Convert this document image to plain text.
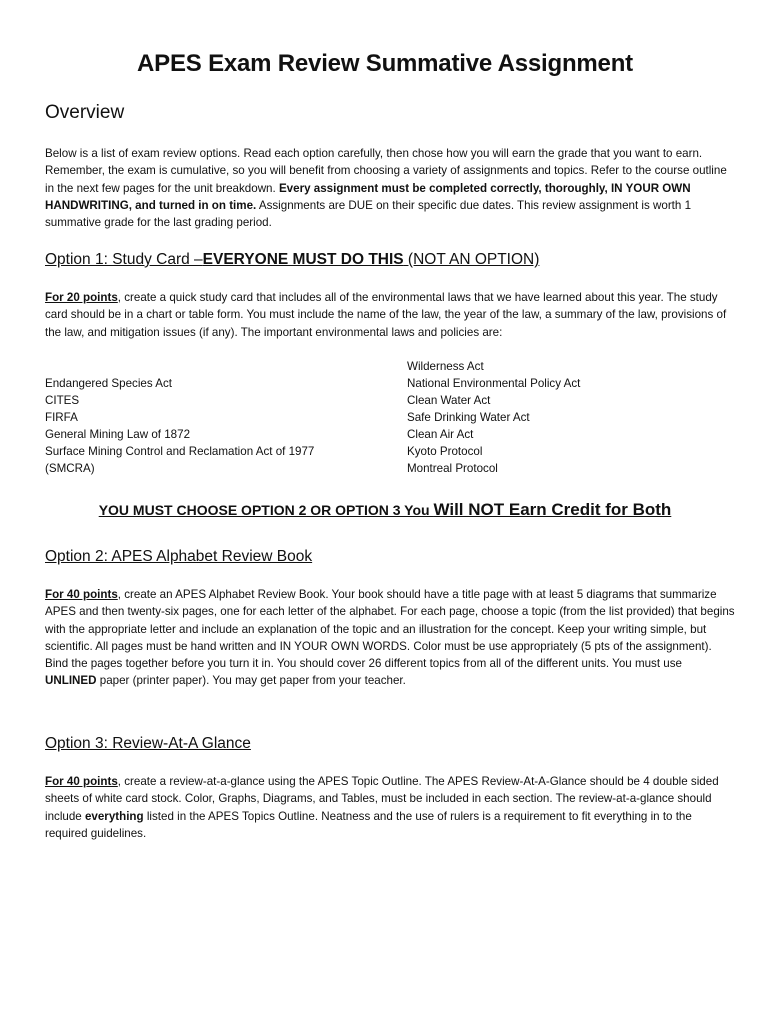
APES Exam Review Summative Assignment
Overview

Below is a list of exam review options. Read each option carefully, then chose how you will earn the grade that you want to earn. Remember, the exam is cumulative, so you will benefit from choosing a variety of assignments and topics. Refer to the course outline in the next few pages for the unit breakdown. Every assignment must be completed correctly, thoroughly, IN YOUR OWN HANDWRITING, and turned in on time. Assignments are DUE on their specific due dates. This review assignment is worth 1 summative grade for the last grading period.

Option 1: Study Card –EVERYONE MUST DO THIS (NOT AN OPTION)

For 20 points, create a quick study card that includes all of the environmental laws that we have learned about this year. The study card should be in a chart or table form. You must include the name of the law, the year of the law, a summary of the law, provisions of the law, and mitigation issues (if any). The important environmental laws and policies are:

Endangered Species Act
CITES
FIRFA
General Mining Law of 1872
Surface Mining Control and Reclamation Act of 1977
(SMCRA)
Wilderness Act
National Environmental Policy Act
Clean Water Act
Safe Drinking Water Act
Clean Air Act
Kyoto Protocol
Montreal Protocol
YOU MUST CHOOSE OPTION 2 OR OPTION 3 You Will NOT Earn Credit for Both
Option 2: APES Alphabet Review Book

For 40 points, create an APES Alphabet Review Book. Your book should have a title page with at least 5 diagrams that summarize APES and then twenty-six pages, one for each letter of the alphabet. For each page, choose a topic (from the list provided) that begins with the appropriate letter and include an explanation of the topic and an illustration for the concept. Keep your writing simple, but scientific. All pages must be hand written and IN YOUR OWN WORDS. Color must be use appropriately (5 pts of the assignment). Bind the pages together before you turn it in. You should cover 26 different topics from all of the different units. You must use UNLINED paper (printer paper). You may get paper from your teacher.

Option 3: Review-At-A Glance

For 40 points, create a review-at-a-glance using the APES Topic Outline. The APES Review-At-A-Glance should be 4 double sided sheets of white card stock. Color, Graphs, Diagrams, and Tables, must be included in each section. The review-at-a-glance should include everything listed in the APES Topics Outline. Neatness and the use of rulers is a requirement to fit everything in to the required guidelines.
